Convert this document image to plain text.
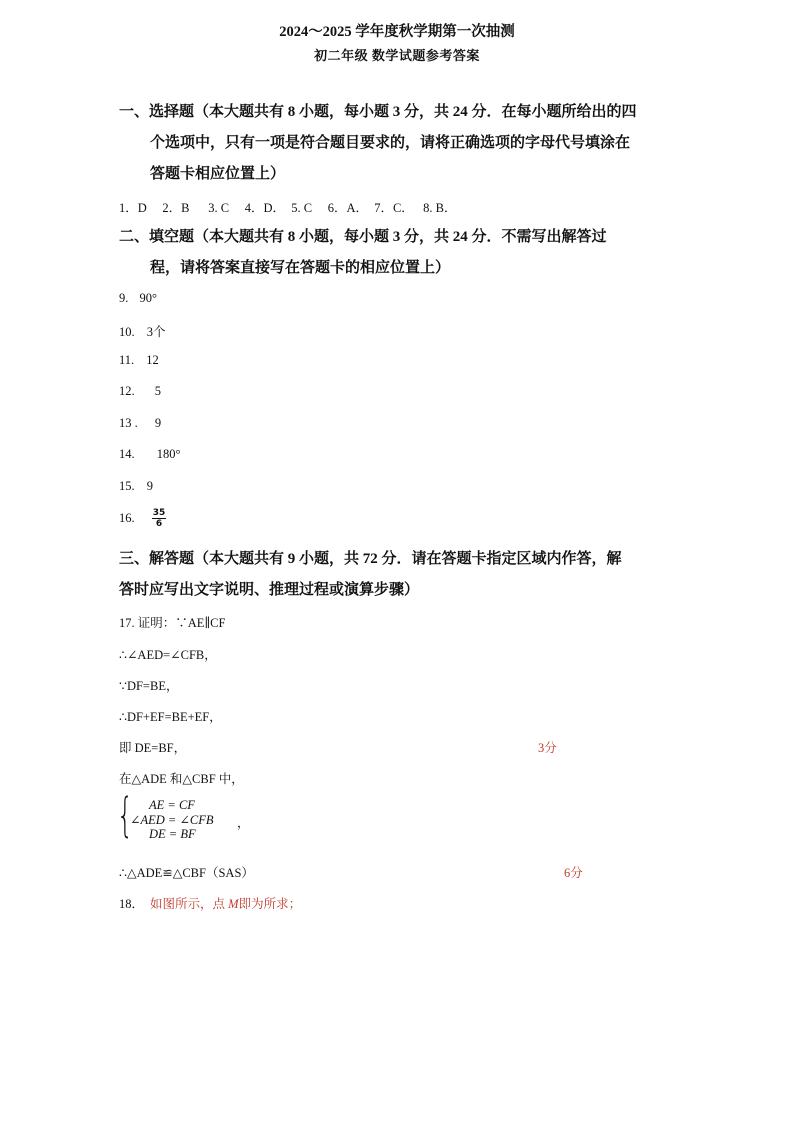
2024～2025 学年度秋学期第一次抽测
初二年级 数学试题参考答案
一、选择题（本大题共有 8 小题，每小题 3 分，共 24 分．在每小题所给出的四
个选项中，只有一项是符合题目要求的，请将正确选项的字母代号填涂在
答题卡相应位置上）
1．D　 2．B　  3. C　 4．D．　5. C　 6．A．　7．C．　 8. B．
二、填空题（本大题共有 8 小题，每小题 3 分，共 24 分．不需写出解答过
程，请将答案直接写在答题卡的相应位置上）
9. 90°
10. 3个
11. 12
12. 5
13 . 9
14. 180°
15. 9
16. $\frac{35}{6}$
三、解答题（本大题共有 9 小题，共 72 分．请在答题卡指定区域内作答，解
答时应写出文字说明、推理过程或演算步骤）
17. 证明：∵AE∥CF
∴∠AED=∠CFB，
∵DF=BE，
∴DF+EF=BE+EF，
即 DE=BF，	3分
在△ADE 和△CBF 中，
{	AE = CF
∠AED = ∠CFB
DE = BF
，
∴△ADE≌△CBF（SAS）	6分
18． 如图所示，点 M即为所求；
